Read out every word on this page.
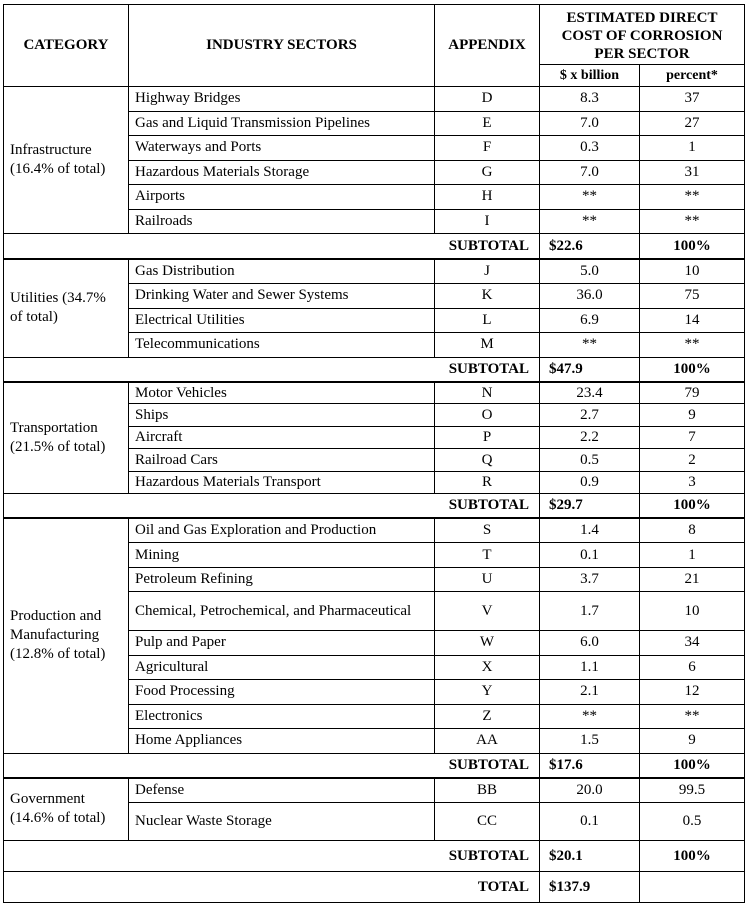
CATEGORY	INDUSTRY SECTORS	APPENDIX	ESTIMATED DIRECT COST OF CORROSION PER SECTOR	
			$ x billion	percent*
Infrastructure (16.4% of total)	Highway Bridges	D	8.3	37
	Gas and Liquid Transmission Pipelines	E	7.0	27
	Waterways and Ports	F	0.3	1
	Hazardous Materials Storage	G	7.0	31
	Airports	H	**	**
	Railroads	I	**	**
		SUBTOTAL	$22.6	100%
Utilities (34.7% of total)	Gas Distribution	J	5.0	10
	Drinking Water and Sewer Systems	K	36.0	75
	Electrical Utilities	L	6.9	14
	Telecommunications	M	**	**
		SUBTOTAL	$47.9	100%
Transportation (21.5% of total)	Motor Vehicles	N	23.4	79
	Ships	O	2.7	9
	Aircraft	P	2.2	7
	Railroad Cars	Q	0.5	2
	Hazardous Materials Transport	R	0.9	3
		SUBTOTAL	$29.7	100%
Production and Manufacturing (12.8% of total)	Oil and Gas Exploration and Production	S	1.4	8
	Mining	T	0.1	1
	Petroleum Refining	U	3.7	21
	Chemical, Petrochemical, and Pharmaceutical	V	1.7	10
	Pulp and Paper	W	6.0	34
	Agricultural	X	1.1	6
	Food Processing	Y	2.1	12
	Electronics	Z	**	**
	Home Appliances	AA	1.5	9
		SUBTOTAL	$17.6	100%
Government (14.6% of total)	Defense	BB	20.0	99.5
	Nuclear Waste Storage	CC	0.1	0.5
		SUBTOTAL	$20.1	100%
		TOTAL	$137.9	
